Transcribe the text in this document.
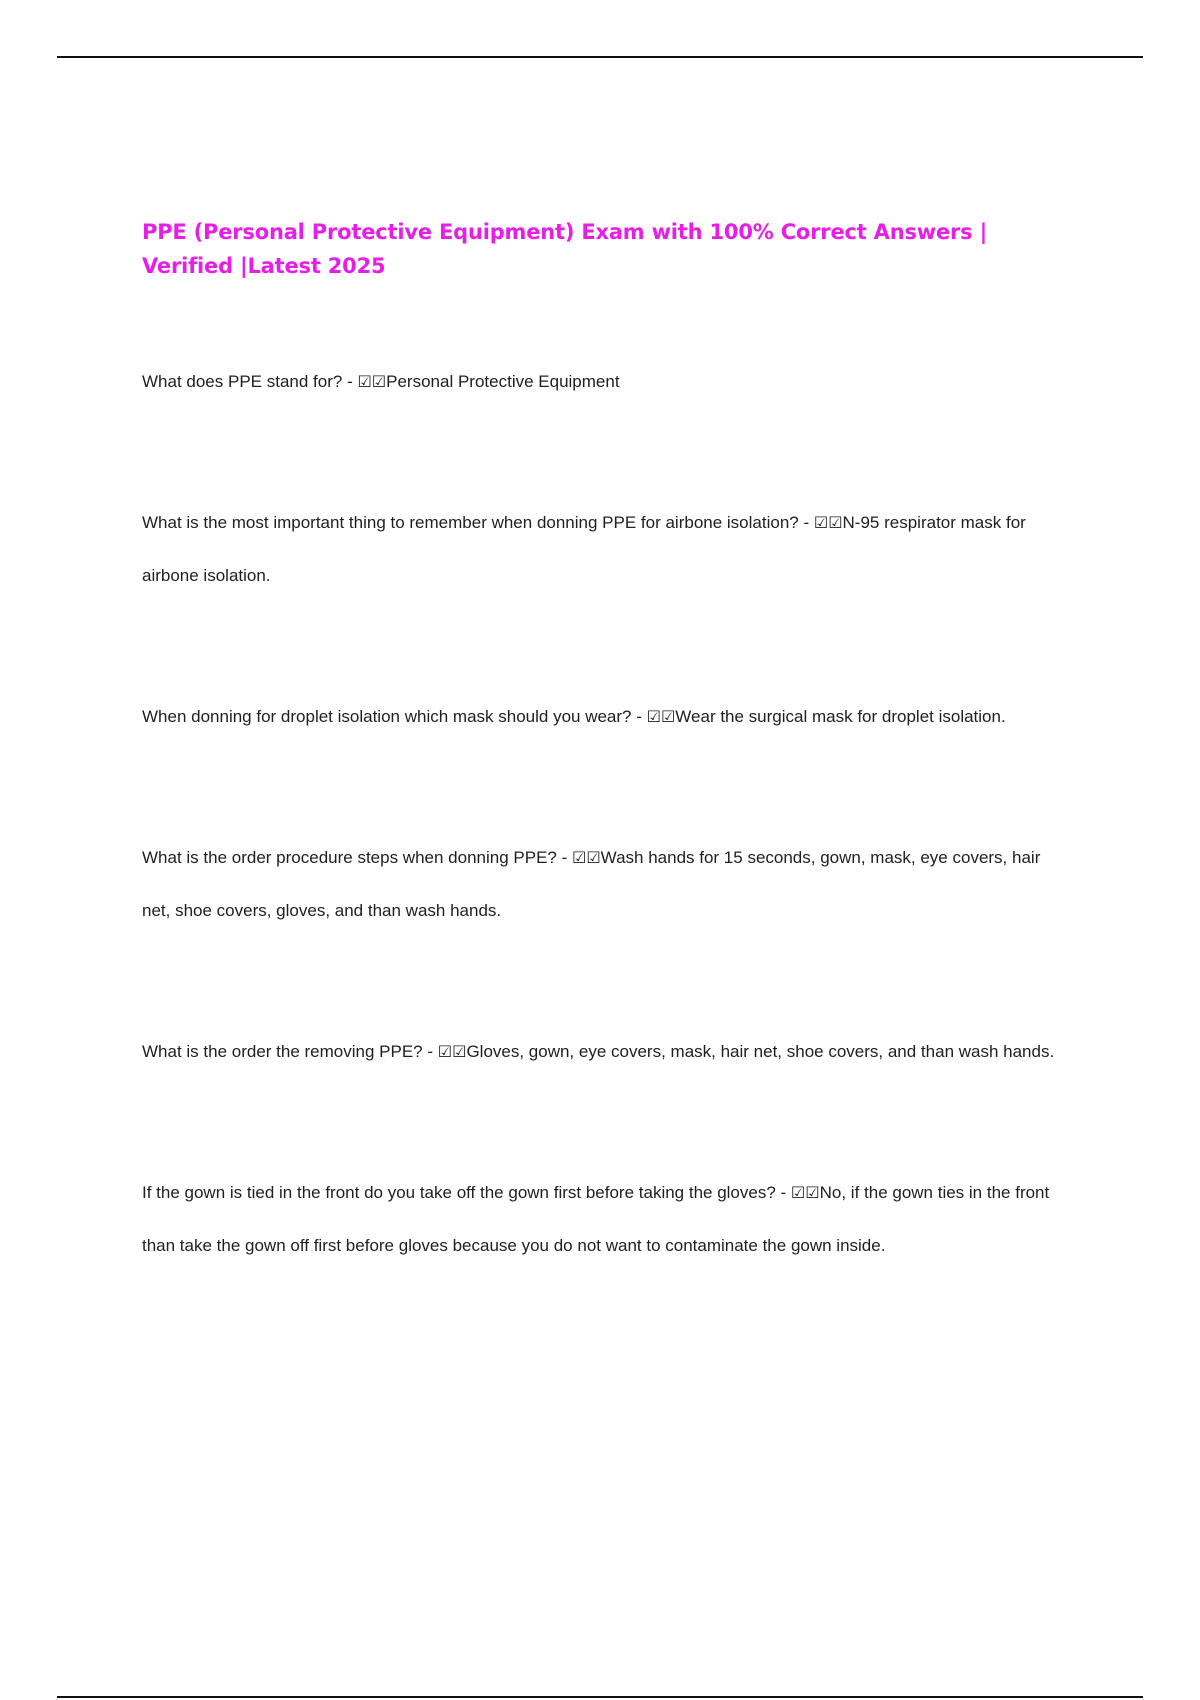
PPE (Personal Protective Equipment) Exam with 100% Correct Answers | Verified |Latest 2025

What does PPE stand for? - ☑☑Personal Protective Equipment

What is the most important thing to remember when donning PPE for airbone isolation? - ☑☑N-95 respirator mask for airbone isolation.

When donning for droplet isolation which mask should you wear? - ☑☑Wear the surgical mask for droplet isolation.

What is the order procedure steps when donning PPE? - ☑☑Wash hands for 15 seconds, gown, mask, eye covers, hair net, shoe covers, gloves, and than wash hands.

What is the order the removing PPE? - ☑☑Gloves, gown, eye covers, mask, hair net, shoe covers, and than wash hands.

If the gown is tied in the front do you take off the gown first before taking the gloves? - ☑☑No, if the gown ties in the front than take the gown off first before gloves because you do not want to contaminate the gown inside.
